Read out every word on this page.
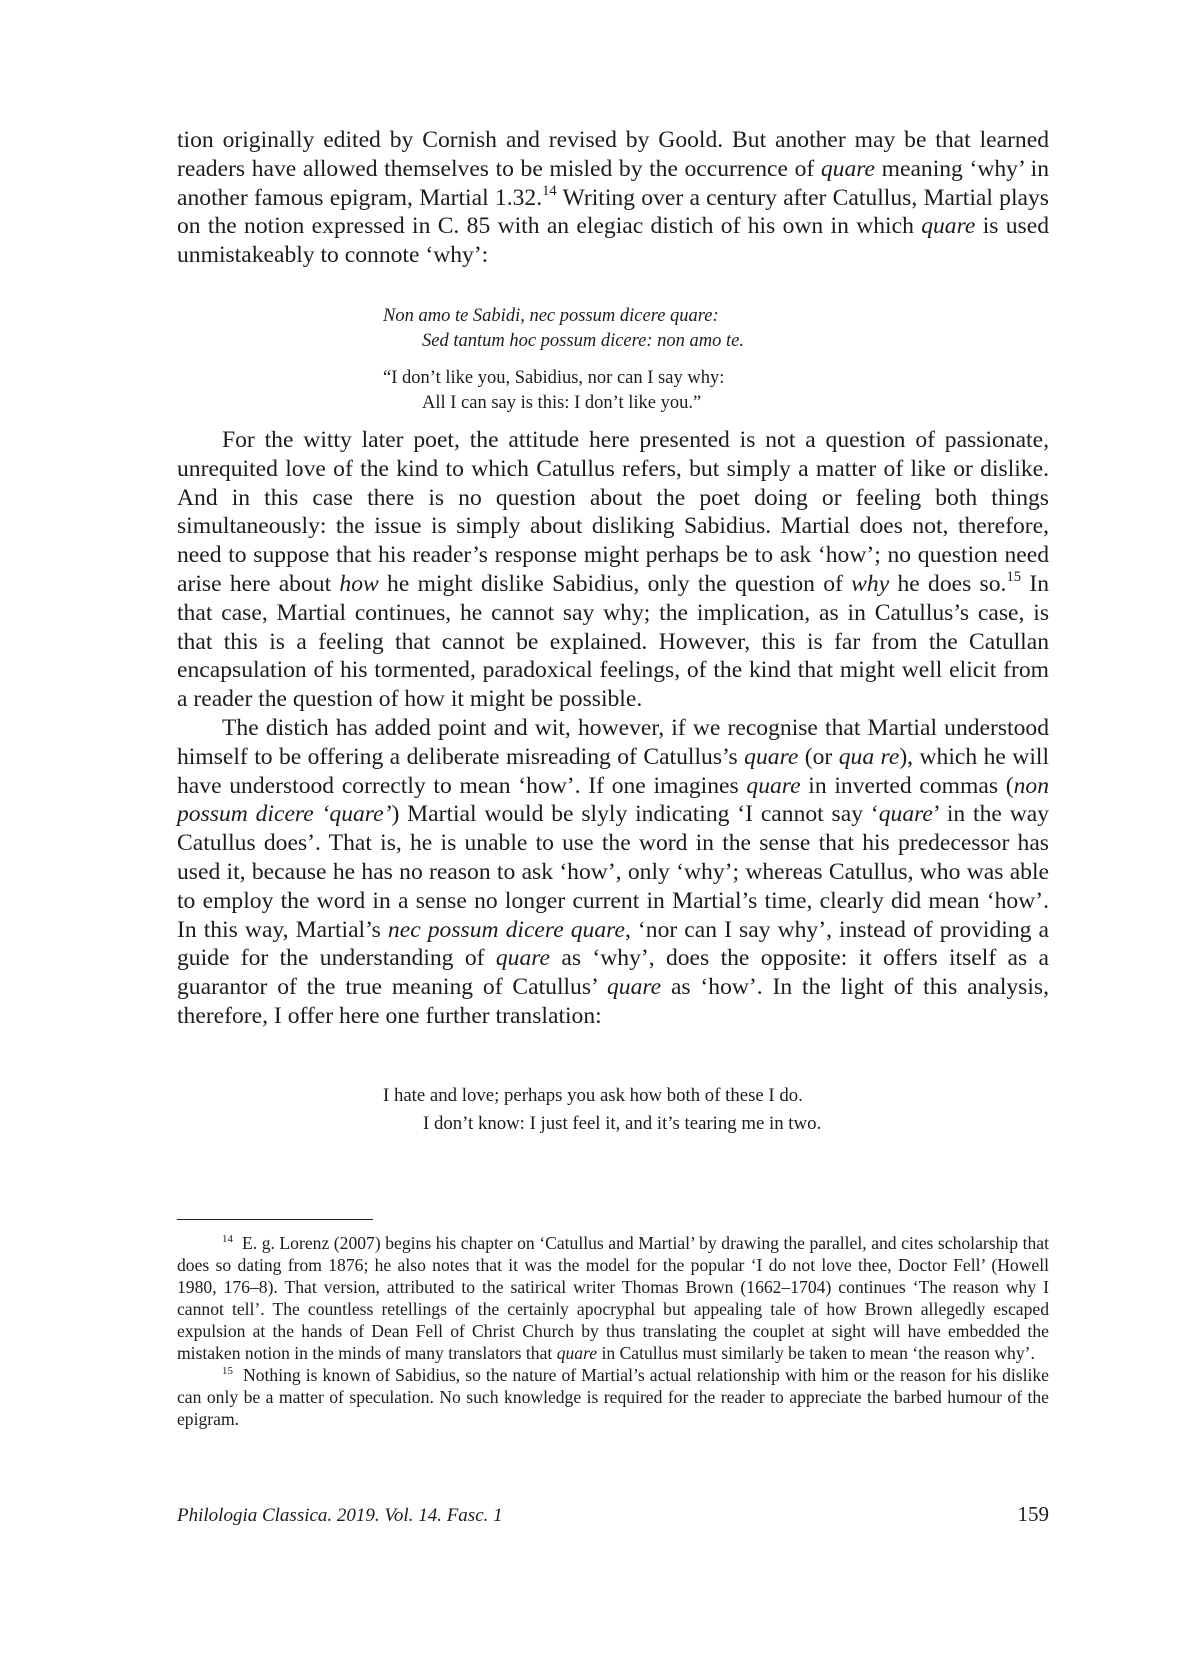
tion originally edited by Cornish and revised by Goold. But another may be that learned readers have allowed themselves to be misled by the occurrence of quare meaning ‘why’ in another famous epigram, Martial 1.32.14 Writing over a century after Catullus, Martial plays on the notion expressed in C. 85 with an elegiac distich of his own in which quare is used unmistakeably to connote ‘why’:

Non amo te Sabidi, nec possum dicere quare:
Sed tantum hoc possum dicere: non amo te.
“I don’t like you, Sabidius, nor can I say why:
All I can say is this: I don’t like you.”

For the witty later poet, the attitude here presented is not a question of passionate, unrequited love of the kind to which Catullus refers, but simply a matter of like or dislike. And in this case there is no question about the poet doing or feeling both things simultaneously: the issue is simply about disliking Sabidius. Martial does not, therefore, need to suppose that his reader’s response might perhaps be to ask ‘how’; no question need arise here about how he might dislike Sabidius, only the question of why he does so.$^{15}$ In that case, Martial continues, he cannot say why; the implication, as in Catullus’s case, is that this is a feeling that cannot be explained. However, this is far from the Catullan encapsulation of his tormented, paradoxical feelings, of the kind that might well elicit from a reader the question of how it might be possible.

The distich has added point and wit, however, if we recognise that Martial understood himself to be offering a deliberate misreading of Catullus’s quare (or qua re), which he will have understood correctly to mean ‘how’. If one imagines quare in inverted commas (non possum dicere ‘quare’) Martial would be slyly indicating ‘I cannot say ‘quare’ in the way Catullus does’. That is, he is unable to use the word in the sense that his predecessor has used it, because he has no reason to ask ‘how’, only ‘why’; whereas Catullus, who was able to employ the word in a sense no longer current in Martial’s time, clearly did mean ‘how’. In this way, Martial’s nec possum dicere quare, ‘nor can I say why’, instead of providing a guide for the understanding of quare as ‘why’, does the opposite: it offers itself as a guarantor of the true meaning of Catullus’ quare as ‘how’. In the light of this analysis, therefore, I offer here one further translation:

I hate and love; perhaps you ask how both of these I do.
I don’t know: I just feel it, and it’s tearing me in two.

$^{14}$ E. g. Lorenz (2007) begins his chapter on ‘Catullus and Martial’ by drawing the parallel, and cites scholarship that does so dating from 1876; he also notes that it was the model for the popular ‘I do not love thee, Doctor Fell’ (Howell 1980, 176–8). That version, attributed to the satirical writer Thomas Brown (1662–1704) continues ‘The reason why I cannot tell’. The countless retellings of the certainly apocryphal but appealing tale of how Brown allegedly escaped expulsion at the hands of Dean Fell of Christ Church by thus translating the couplet at sight will have embedded the mistaken notion in the minds of many translators that quare in Catullus must similarly be taken to mean ‘the reason why’.

$^{15}$ Nothing is known of Sabidius, so the nature of Martial’s actual relationship with him or the reason for his dislike can only be a matter of speculation. No such knowledge is required for the reader to appreciate the barbed humour of the epigram.

Philologia Classica. 2019. Vol. 14. Fasc. 1	159
